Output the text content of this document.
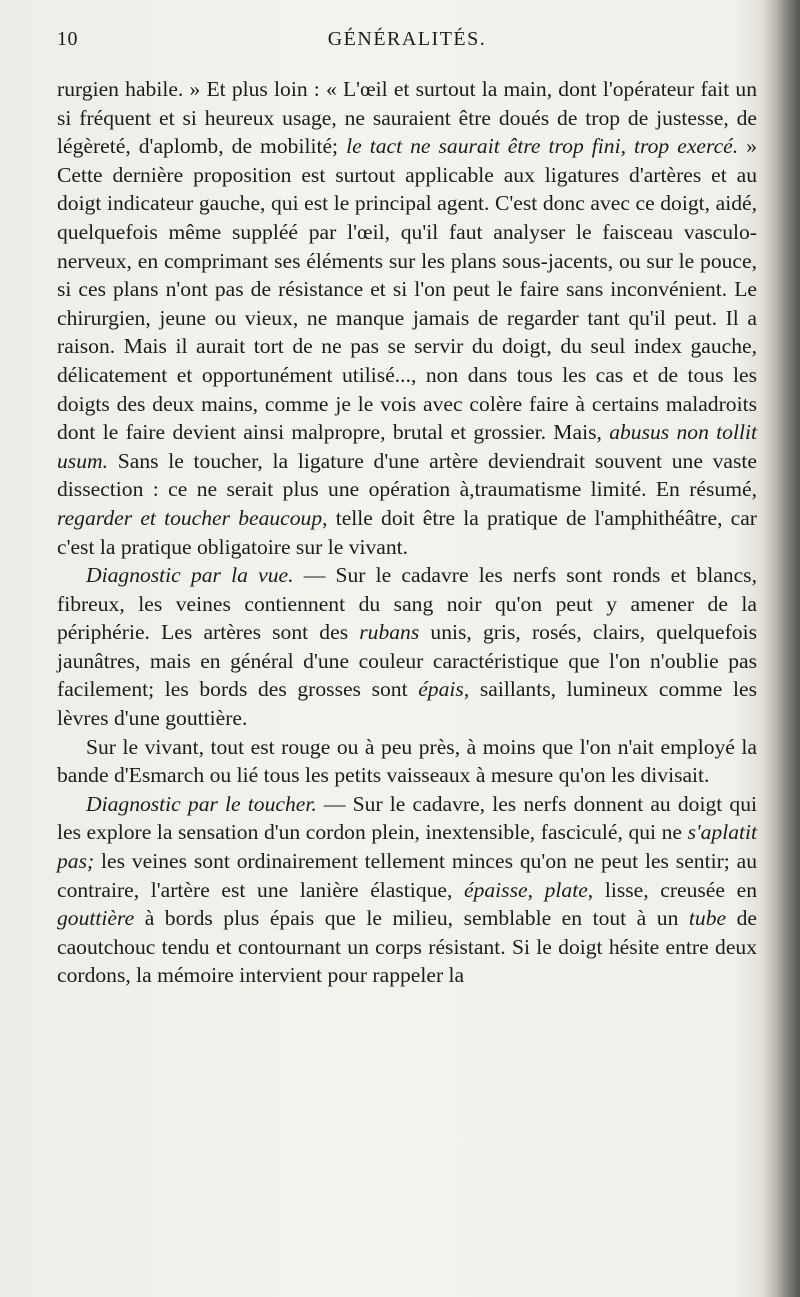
10	GÉNÉRALITÉS.

rurgien habile. » Et plus loin : « L'œil et surtout la main, dont l'opérateur fait un si fréquent et si heureux usage, ne sauraient être doués de trop de justesse, de légèreté, d'aplomb, de mobilité; le tact ne saurait être trop fini, trop exercé. » Cette dernière proposition est surtout applicable aux ligatures d'artères et au doigt indicateur gauche, qui est le principal agent. C'est donc avec ce doigt, aidé, quelquefois même suppléé par l'œil, qu'il faut analyser le faisceau vasculo-nerveux, en comprimant ses éléments sur les plans sous-jacents, ou sur le pouce, si ces plans n'ont pas de résistance et si l'on peut le faire sans inconvénient. Le chirurgien, jeune ou vieux, ne manque jamais de regarder tant qu'il peut. Il a raison. Mais il aurait tort de ne pas se servir du doigt, du seul index gauche, délicatement et opportunément utilisé..., non dans tous les cas et de tous les doigts des deux mains, comme je le vois avec colère faire à certains maladroits dont le faire devient ainsi malpropre, brutal et grossier. Mais, abusus non tollit usum. Sans le toucher, la ligature d'une artère deviendrait souvent une vaste dissection : ce ne serait plus une opération à,traumatisme limité. En résumé, regarder et toucher beaucoup, telle doit être la pratique de l'amphithéâtre, car c'est la pratique obligatoire sur le vivant.

Diagnostic par la vue. — Sur le cadavre les nerfs sont ronds et blancs, fibreux, les veines contiennent du sang noir qu'on peut y amener de la périphérie. Les artères sont des rubans unis, gris, rosés, clairs, quelquefois jaunâtres, mais en général d'une couleur caractéristique que l'on n'oublie pas facilement; les bords des grosses sont épais, saillants, lumineux comme les lèvres d'une gouttière.

Sur le vivant, tout est rouge ou à peu près, à moins que l'on n'ait employé la bande d'Esmarch ou lié tous les petits vaisseaux à mesure qu'on les divisait.

Diagnostic par le toucher. — Sur le cadavre, les nerfs donnent au doigt qui les explore la sensation d'un cordon plein, inextensible, fasciculé, qui ne s'aplatit pas; les veines sont ordinairement tellement minces qu'on ne peut les sentir; au contraire, l'artère est une lanière élastique, épaisse, plate, lisse, creusée en gouttière à bords plus épais que le milieu, semblable en tout à un tube de caoutchouc tendu et contournant un corps résistant. Si le doigt hésite entre deux cordons, la mémoire intervient pour rappeler la
